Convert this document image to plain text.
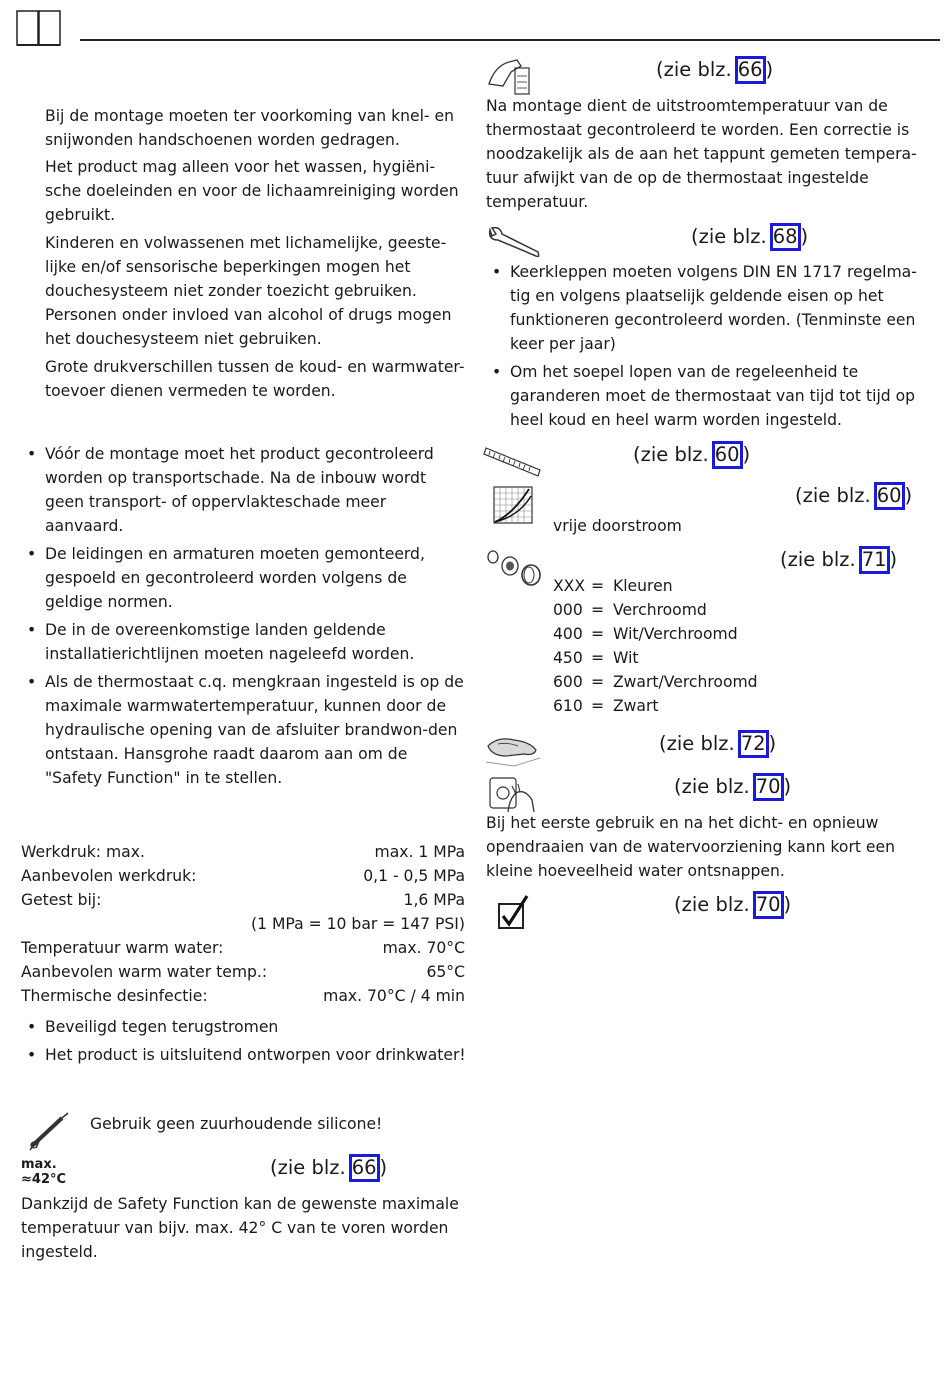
Bij de montage moeten ter voorkoming van knel- en snijwonden handschoenen worden gedragen.

Het product mag alleen voor het wassen, hygiëni-sche doeleinden en voor de lichaamreiniging worden gebruikt.

Kinderen en volwassenen met lichamelijke, geeste-lijke en/of sensorische beperkingen mogen het douchesysteem niet zonder toezicht gebruiken. Personen onder invloed van alcohol of drugs mogen het douchesysteem niet gebruiken.

Grote drukverschillen tussen de koud- en warmwater-toevoer dienen vermeden te worden.

• Vóór de montage moet het product gecontroleerd worden op transportschade. Na de inbouw wordt geen transport- of oppervlakteschade meer aanvaard.

• De leidingen en armaturen moeten gemonteerd, gespoeld en gecontroleerd worden volgens de geldige normen.

• De in de overeenkomstige landen geldende installatierichtlijnen moeten nageleefd worden.

• Als de thermostaat c.q. mengkraan ingesteld is op de maximale warmwatertemperatuur, kunnen door de hydraulische opening van de afsluiter brandwon-den ontstaan. Hansgrohe raadt daarom aan om de "Safety Function" in te stellen.

Werkdruk: max.	max. 1 MPa
Aanbevolen werkdruk:	0,1 - 0,5 MPa
Getest bij:	1,6 MPa
(1 MPa = 10 bar = 147 PSI)
Temperatuur warm water:	max. 70°C
Aanbevolen warm water temp.:	65°C
Thermische desinfectie:	max. 70°C / 4 min

• Beveiligd tegen terugstromen

• Het product is uitsluitend ontworpen voor drinkwater!

Gebruik geen zuurhoudende silicone!

max.
≈42°C
(zie blz. 66 )

Dankzijd de Safety Function kan de gewenste maximale temperatuur van bijv. max. 42° C van te voren worden ingesteld.

(zie blz. 66 )

Na montage dient de uitstroomtemperatuur van de thermostaat gecontroleerd te worden. Een correctie is noodzakelijk als de aan het tappunt gemeten tempera-tuur afwijkt van de op de thermostaat ingestelde temperatuur.

(zie blz. 68 )

• Keerkleppen moeten volgens DIN EN 1717 regelma-tig en volgens plaatselijk geldende eisen op het funktioneren gecontroleerd worden. (Tenminste een keer per jaar)

• Om het soepel lopen van de regeleenheid te garanderen moet de thermostaat van tijd tot tijd op heel koud en heel warm worden ingesteld.

(zie blz. 60 )
(zie blz. 60 )

vrije doorstroom

(zie blz. 71 )
XXX = Kleuren
000 = Verchroomd
400 = Wit/Verchroomd
450 = Wit
600 = Zwart/Verchroomd
610 = Zwart
(zie blz. 72 )
(zie blz. 70 )

Bij het eerste gebruik en na het dicht- en opnieuw opendraaien van de watervoorziening kann kort een kleine hoeveelheid water ontsnappen.

(zie blz. 70 )
